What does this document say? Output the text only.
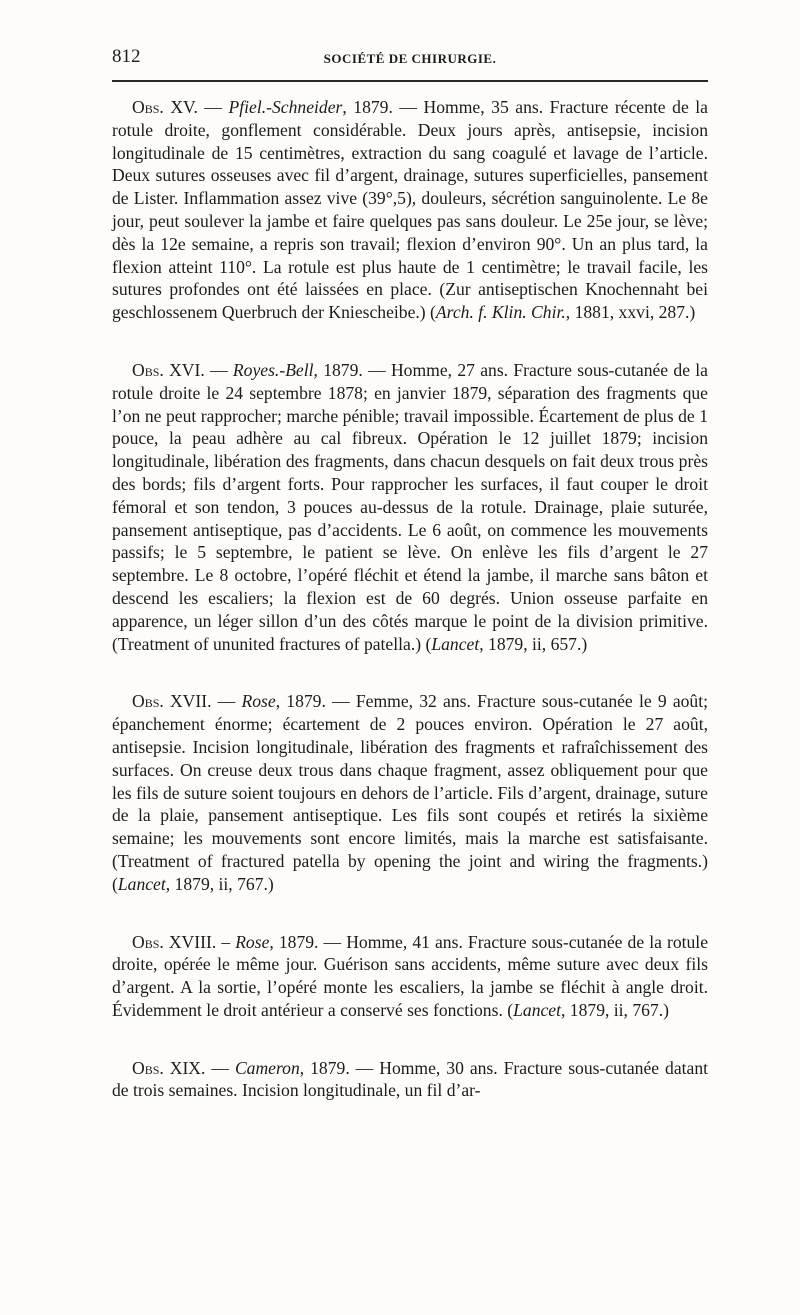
812	SOCIÉTÉ DE CHIRURGIE.

Obs. XV. — Pfiel.-Schneider, 1879. — Homme, 35 ans. Fracture récente de la rotule droite, gonflement considérable. Deux jours après, antisepsie, incision longitudinale de 15 centimètres, extraction du sang coagulé et lavage de l’article. Deux sutures osseuses avec fil d’argent, drainage, sutures superficielles, pansement de Lister. Inflammation assez vive (39°,5), douleurs, sécrétion sanguinolente. Le 8e jour, peut soulever la jambe et faire quelques pas sans douleur. Le 25e jour, se lève; dès la 12e semaine, a repris son travail; flexion d’environ 90°. Un an plus tard, la flexion atteint 110°. La rotule est plus haute de 1 centimètre; le travail facile, les sutures profondes ont été laissées en place. (Zur antiseptischen Knochennaht bei geschlossenem Querbruch der Kniescheibe.) (Arch. f. Klin. Chir., 1881, xxvi, 287.)

Obs. XVI. — Royes.-Bell, 1879. — Homme, 27 ans. Fracture sous-cutanée de la rotule droite le 24 septembre 1878; en janvier 1879, séparation des fragments que l’on ne peut rapprocher; marche pénible; travail impossible. Écartement de plus de 1 pouce, la peau adhère au cal fibreux. Opération le 12 juillet 1879; incision longitudinale, libération des fragments, dans chacun desquels on fait deux trous près des bords; fils d’argent forts. Pour rapprocher les surfaces, il faut couper le droit fémoral et son tendon, 3 pouces au-dessus de la rotule. Drainage, plaie suturée, pansement antiseptique, pas d’accidents. Le 6 août, on commence les mouvements passifs; le 5 septembre, le patient se lève. On enlève les fils d’argent le 27 septembre. Le 8 octobre, l’opéré fléchit et étend la jambe, il marche sans bâton et descend les escaliers; la flexion est de 60 degrés. Union osseuse parfaite en apparence, un léger sillon d’un des côtés marque le point de la division primitive. (Treatment of ununited fractures of patella.) (Lancet, 1879, ii, 657.)

Obs. XVII. — Rose, 1879. — Femme, 32 ans. Fracture sous-cutanée le 9 août; épanchement énorme; écartement de 2 pouces environ. Opération le 27 août, antisepsie. Incision longitudinale, libération des fragments et rafraîchissement des surfaces. On creuse deux trous dans chaque fragment, assez obliquement pour que les fils de suture soient toujours en dehors de l’article. Fils d’argent, drainage, suture de la plaie, pansement antiseptique. Les fils sont coupés et retirés la sixième semaine; les mouvements sont encore limités, mais la marche est satisfaisante. (Treatment of fractured patella by opening the joint and wiring the fragments.) (Lancet, 1879, ii, 767.)

Obs. XVIII. – Rose, 1879. — Homme, 41 ans. Fracture sous-cutanée de la rotule droite, opérée le même jour. Guérison sans accidents, même suture avec deux fils d’argent. A la sortie, l’opéré monte les escaliers, la jambe se fléchit à angle droit. Évidemment le droit antérieur a conservé ses fonctions. (Lancet, 1879, ii, 767.)

Obs. XIX. — Cameron, 1879. — Homme, 30 ans. Fracture sous-cutanée datant de trois semaines. Incision longitudinale, un fil d’ar-
